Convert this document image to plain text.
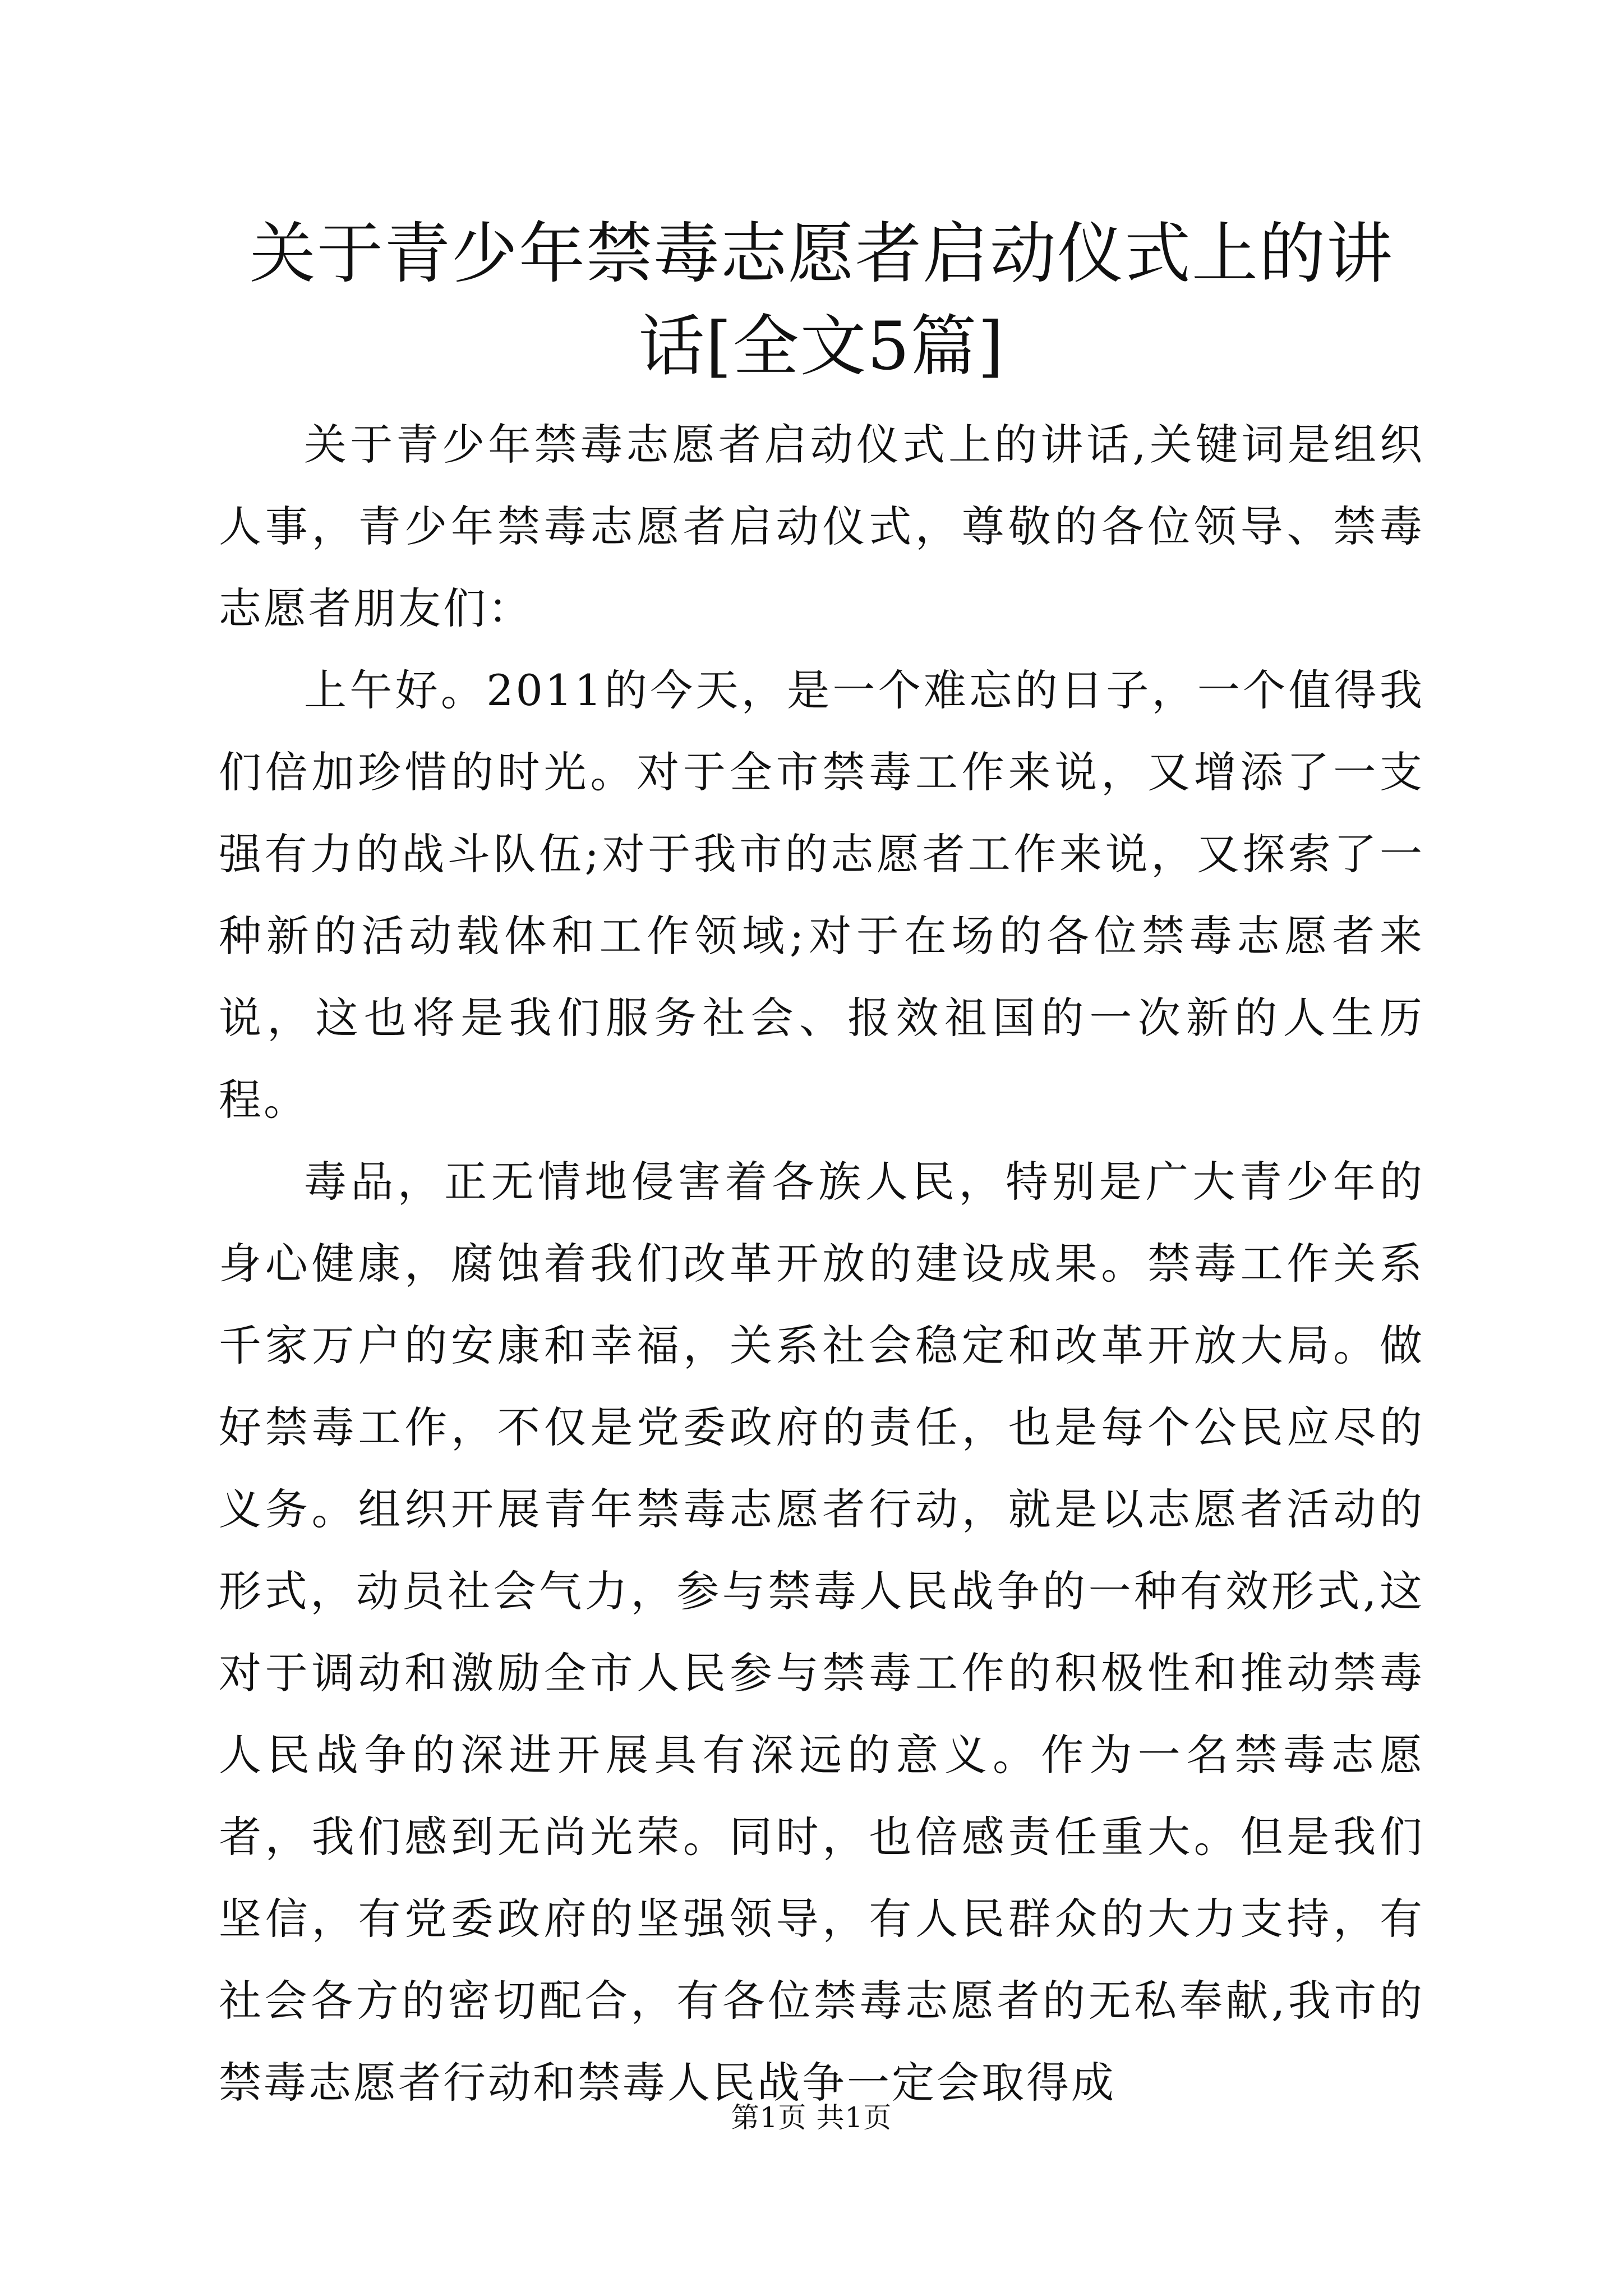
关于青少年禁毒志愿者启动仪式上的讲话[全文5篇]

关于青少年禁毒志愿者启动仪式上的讲话,关键词是组织人事，青少年禁毒志愿者启动仪式，尊敬的各位领导、禁毒志愿者朋友们：

上午好。2011的今天，是一个难忘的日子，一个值得我们倍加珍惜的时光。对于全市禁毒工作来说，又增添了一支强有力的战斗队伍;对于我市的志愿者工作来说，又探索了一种新的活动载体和工作领域;对于在场的各位禁毒志愿者来说，这也将是我们服务社会、报效祖国的一次新的人生历程。

毒品，正无情地侵害着各族人民，特别是广大青少年的身心健康，腐蚀着我们改革开放的建设成果。禁毒工作关系千家万户的安康和幸福，关系社会稳定和改革开放大局。做好禁毒工作，不仅是党委政府的责任，也是每个公民应尽的义务。组织开展青年禁毒志愿者行动，就是以志愿者活动的形式，动员社会气力，参与禁毒人民战争的一种有效形式,这对于调动和激励全市人民参与禁毒工作的积极性和推动禁毒人民战争的深进开展具有深远的意义。作为一名禁毒志愿者，我们感到无尚光荣。同时，也倍感责任重大。但是我们坚信，有党委政府的坚强领导，有人民群众的大力支持，有社会各方的密切配合，有各位禁毒志愿者的无私奉献,我市的禁毒志愿者行动和禁毒人民战争一定会取得成

第1页 共1页
